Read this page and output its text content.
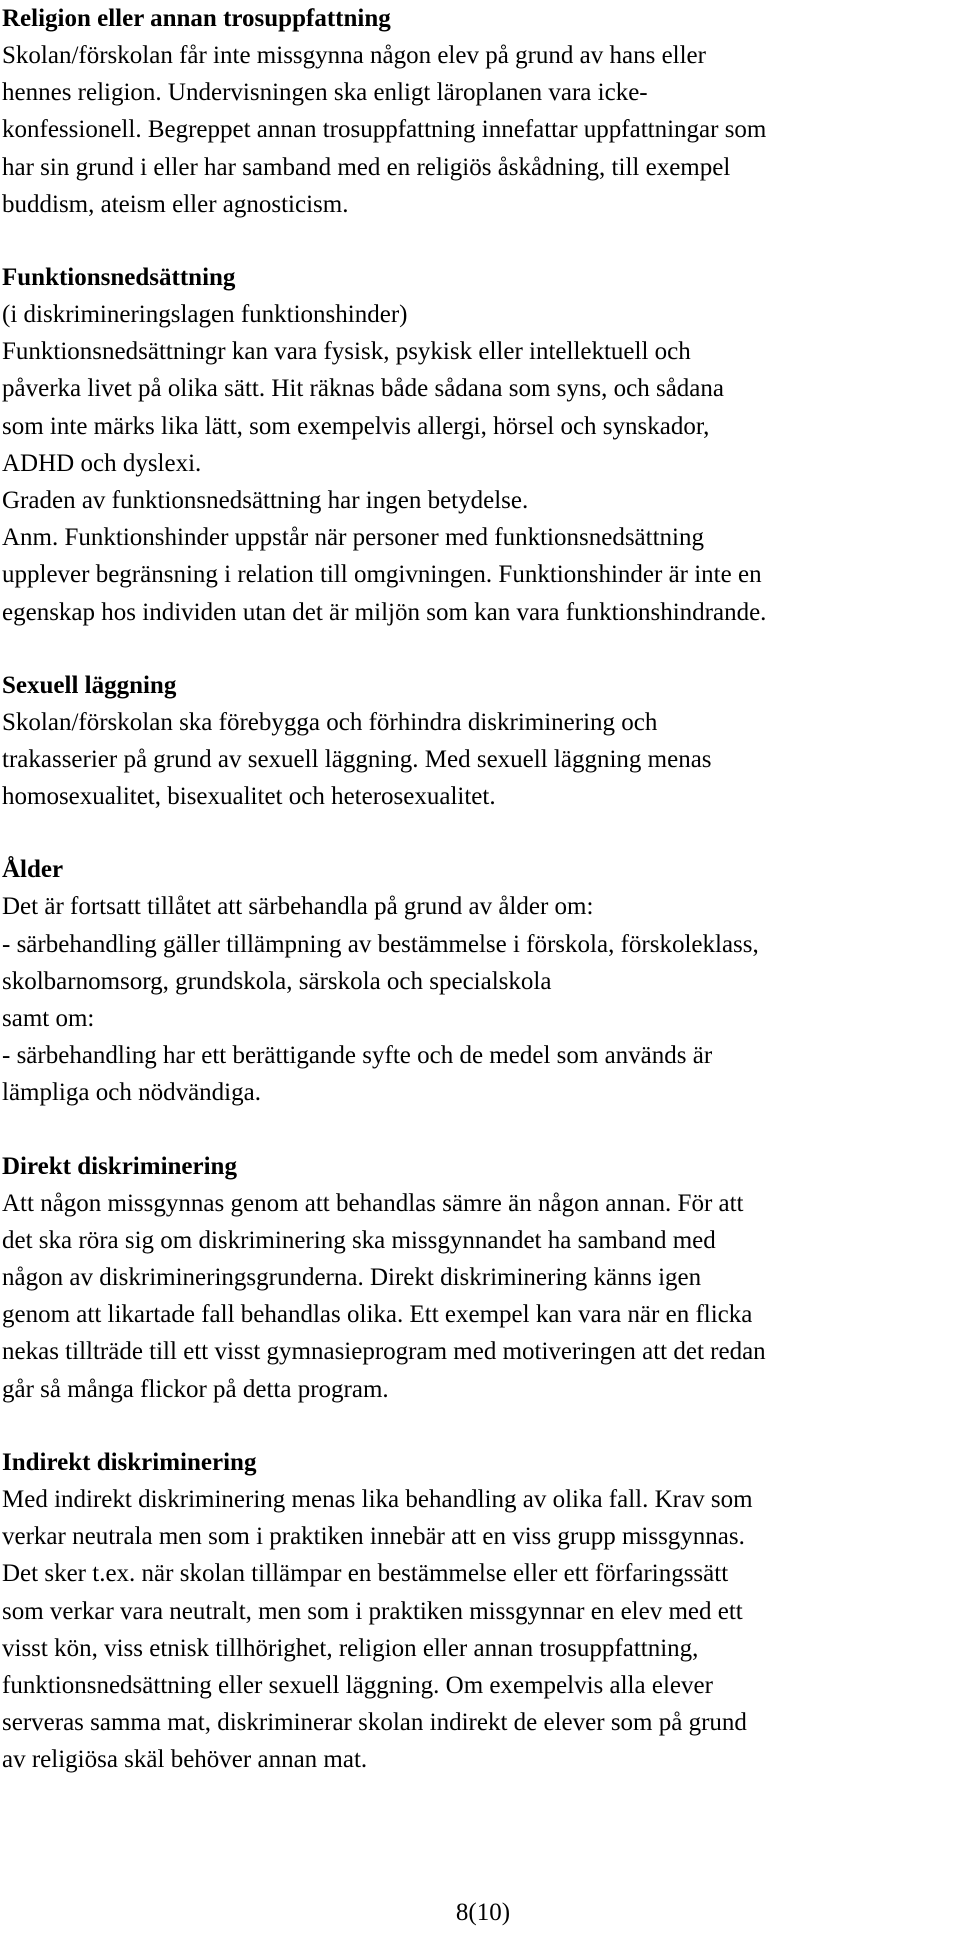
Religion eller annan trosuppfattning
Skolan/förskolan får inte missgynna någon elev på grund av hans eller
hennes religion. Undervisningen ska enligt läroplanen vara icke-
konfessionell. Begreppet annan trosuppfattning innefattar uppfattningar som
har sin grund i eller har samband med en religiös åskådning, till exempel
buddism, ateism eller agnosticism.
Funktionsnedsättning
(i diskrimineringslagen funktionshinder)
Funktionsnedsättningr kan vara fysisk, psykisk eller intellektuell och
påverka livet på olika sätt. Hit räknas både sådana som syns, och sådana
som inte märks lika lätt, som exempelvis allergi, hörsel och synskador,
ADHD och dyslexi.
Graden av funktionsnedsättning har ingen betydelse.
Anm. Funktionshinder uppstår när personer med funktionsnedsättning
upplever begränsning i relation till omgivningen. Funktionshinder är inte en
egenskap hos individen utan det är miljön som kan vara funktionshindrande.
Sexuell läggning
Skolan/förskolan ska förebygga och förhindra diskriminering och
trakasserier på grund av sexuell läggning. Med sexuell läggning menas
homosexualitet, bisexualitet och heterosexualitet.
Ålder
Det är fortsatt tillåtet att särbehandla på grund av ålder om:
- särbehandling gäller tillämpning av bestämmelse i förskola, förskoleklass,
skolbarnomsorg, grundskola, särskola och specialskola
samt om:
- särbehandling har ett berättigande syfte och de medel som används är
lämpliga och nödvändiga.
Direkt diskriminering
Att någon missgynnas genom att behandlas sämre än någon annan. För att
det ska röra sig om diskriminering ska missgynnandet ha samband med
någon av diskrimineringsgrunderna. Direkt diskriminering känns igen
genom att likartade fall behandlas olika. Ett exempel kan vara när en flicka
nekas tillträde till ett visst gymnasieprogram med motiveringen att det redan
går så många flickor på detta program.
Indirekt diskriminering
Med indirekt diskriminering menas lika behandling av olika fall. Krav som
verkar neutrala men som i praktiken innebär att en viss grupp missgynnas.
Det sker t.ex. när skolan tillämpar en bestämmelse eller ett förfaringssätt
som verkar vara neutralt, men som i praktiken missgynnar en elev med ett
visst kön, viss etnisk tillhörighet, religion eller annan trosuppfattning,
funktionsnedsättning eller sexuell läggning. Om exempelvis alla elever
serveras samma mat, diskriminerar skolan indirekt de elever som på grund
av religiösa skäl behöver annan mat.
8(10)
